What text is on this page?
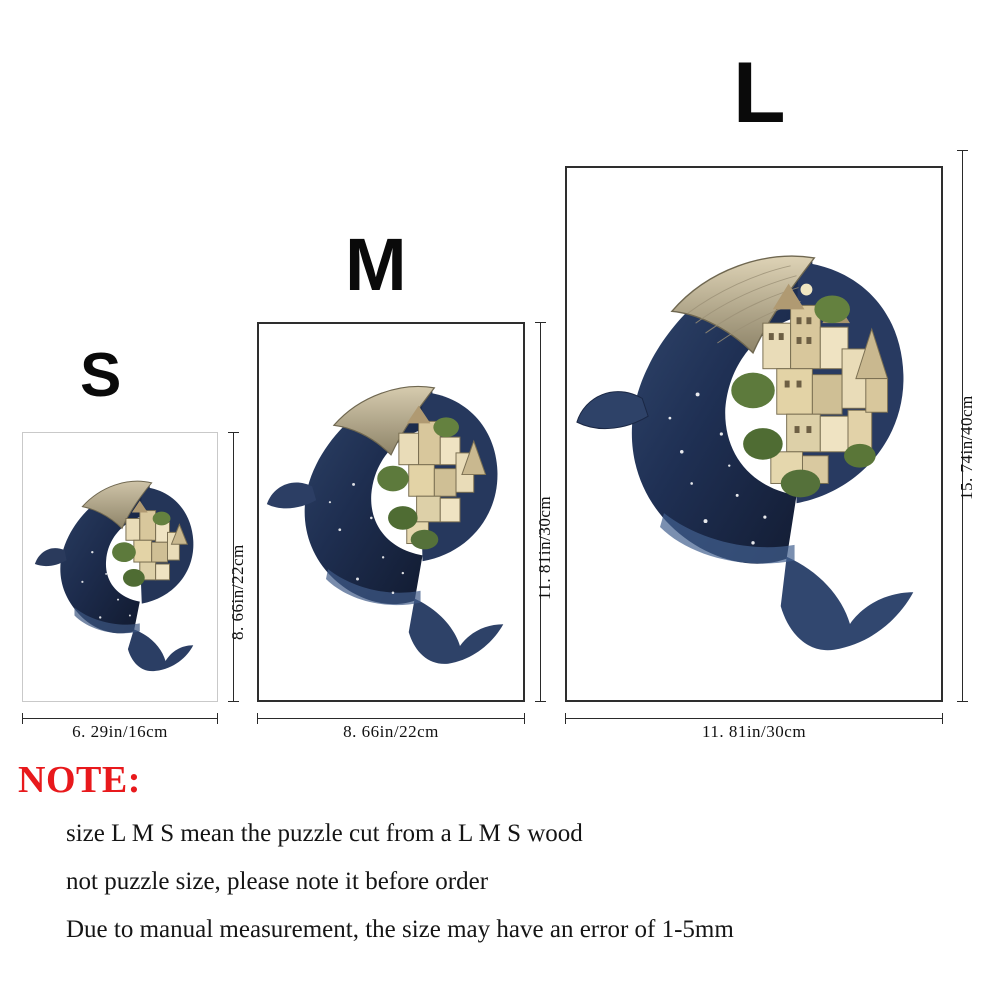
S
8. 66in/22cm
6. 29in/16cm
M
11. 81in/30cm
8. 66in/22cm
L
15. 74in/40cm
11. 81in/30cm
NOTE:
size L M S mean the puzzle cut from a L M S wood
not puzzle size, please note it before order
Due to manual measurement, the size may have an error of 1-5mm
